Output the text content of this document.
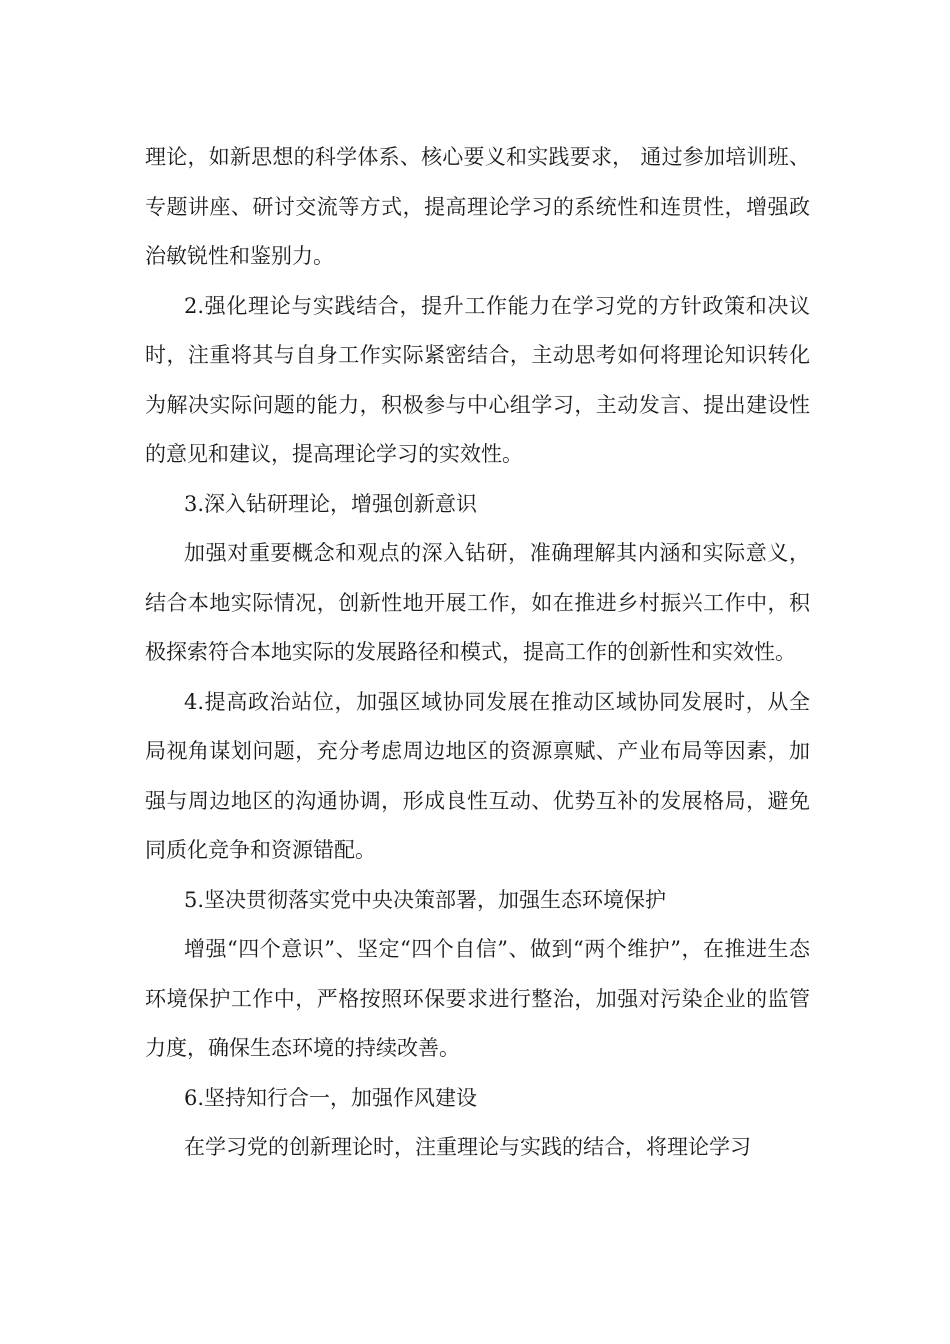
理论，如新思想的科学体系、核心要义和实践要求， 通过参加培训班、专题讲座、研讨交流等方式，提高理论学习的系统性和连贯性，增强政治敏锐性和鉴别力。

2.强化理论与实践结合，提升工作能力在学习党的方针政策和决议时，注重将其与自身工作实际紧密结合，主动思考如何将理论知识转化为解决实际问题的能力，积极参与中心组学习，主动发言、提出建设性的意见和建议，提高理论学习的实效性。

3.深入钻研理论，增强创新意识

加强对重要概念和观点的深入钻研，准确理解其内涵和实际意义，结合本地实际情况，创新性地开展工作，如在推进乡村振兴工作中，积极探索符合本地实际的发展路径和模式，提高工作的创新性和实效性。

4.提高政治站位，加强区域协同发展在推动区域协同发展时，从全局视角谋划问题，充分考虑周边地区的资源禀赋、产业布局等因素，加强与周边地区的沟通协调，形成良性互动、优势互补的发展格局，避免同质化竞争和资源错配。

5.坚决贯彻落实党中央决策部署，加强生态环境保护

增强“四个意识”、坚定“四个自信”、做到“两个维护”，在推进生态环境保护工作中，严格按照环保要求进行整治，加强对污染企业的监管力度，确保生态环境的持续改善。

6.坚持知行合一，加强作风建设

在学习党的创新理论时，注重理论与实践的结合，将理论学习
